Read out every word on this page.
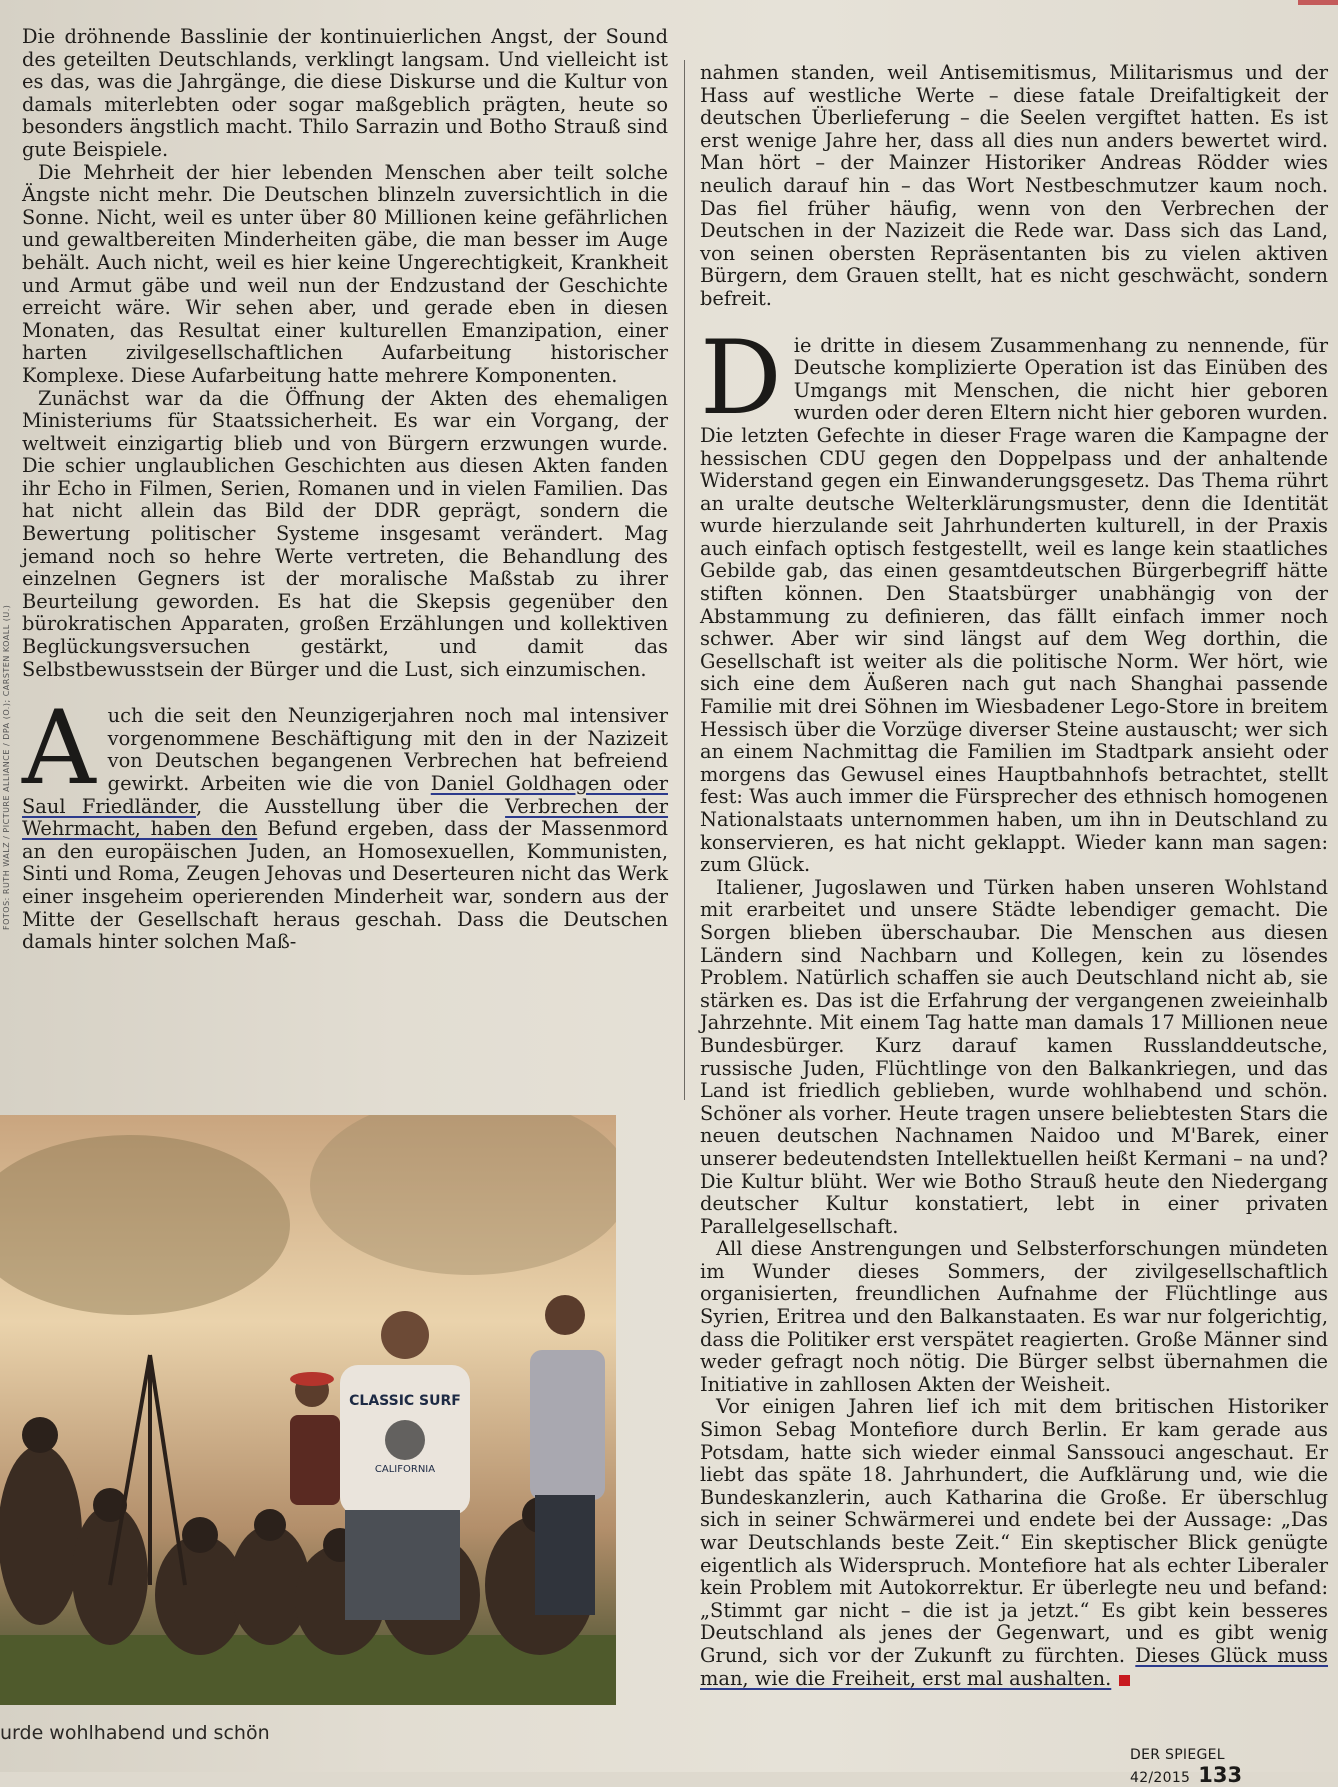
Die dröhnende Basslinie der kontinuierlichen Angst, der Sound des geteilten Deutschlands, verklingt langsam. Und vielleicht ist es das, was die Jahrgänge, die diese Diskurse und die Kultur von damals miterlebten oder sogar maßgeblich prägten, heute so besonders ängstlich macht. Thilo Sarrazin und Botho Strauß sind gute Beispiele.

Die Mehrheit der hier lebenden Menschen aber teilt solche Ängste nicht mehr. Die Deutschen blinzeln zuversichtlich in die Sonne. Nicht, weil es unter über 80 Millionen keine gefährlichen und gewaltbereiten Minderheiten gäbe, die man besser im Auge behält. Auch nicht, weil es hier keine Ungerechtigkeit, Krankheit und Armut gäbe und weil nun der Endzustand der Geschichte erreicht wäre. Wir sehen aber, und gerade eben in diesen Monaten, das Resultat einer kulturellen Emanzipation, einer harten zivilgesellschaftlichen Aufarbeitung historischer Komplexe. Diese Aufarbeitung hatte mehrere Komponenten.

Zunächst war da die Öffnung der Akten des ehemaligen Ministeriums für Staatssicherheit. Es war ein Vorgang, der weltweit einzigartig blieb und von Bürgern erzwungen wurde. Die schier unglaublichen Geschichten aus diesen Akten fanden ihr Echo in Filmen, Serien, Romanen und in vielen Familien. Das hat nicht allein das Bild der DDR geprägt, sondern die Bewertung politischer Systeme insgesamt verändert. Mag jemand noch so hehre Werte vertreten, die Behandlung des einzelnen Gegners ist der moralische Maßstab zu ihrer Beurteilung geworden. Es hat die Skepsis gegenüber den bürokratischen Apparaten, großen Erzählungen und kollektiven Beglückungsversuchen gestärkt, und damit das Selbstbewusstsein der Bürger und die Lust, sich einzumischen.

Auch die seit den Neunzigerjahren noch mal intensiver vorgenommene Beschäftigung mit den in der Nazizeit von Deutschen begangenen Verbrechen hat befreiend gewirkt. Arbeiten wie die von Daniel Goldhagen oder Saul Friedländer, die Ausstellung über die Verbrechen der Wehrmacht, haben den Befund ergeben, dass der Massenmord an den europäischen Juden, an Homosexuellen, Kommunisten, Sinti und Roma, Zeugen Jehovas und Deserteuren nicht das Werk einer insgeheim operierenden Minderheit war, sondern aus der Mitte der Gesellschaft heraus geschah. Dass die Deutschen damals hinter solchen Maß-

FOTOS: RUTH WALZ / PICTURE ALLIANCE / DPA (O.); CARSTEN KOALL (U.)

nahmen standen, weil Antisemitismus, Militarismus und der Hass auf westliche Werte – diese fatale Dreifaltigkeit der deutschen Überlieferung – die Seelen vergiftet hatten. Es ist erst wenige Jahre her, dass all dies nun anders bewertet wird. Man hört – der Mainzer Historiker Andreas Rödder wies neulich darauf hin – das Wort Nestbeschmutzer kaum noch. Das fiel früher häufig, wenn von den Verbrechen der Deutschen in der Nazizeit die Rede war. Dass sich das Land, von seinen obersten Repräsentanten bis zu vielen aktiven Bürgern, dem Grauen stellt, hat es nicht geschwächt, sondern befreit.

Die dritte in diesem Zusammenhang zu nennende, für Deutsche komplizierte Operation ist das Einüben des Umgangs mit Menschen, die nicht hier geboren wurden oder deren Eltern nicht hier geboren wurden. Die letzten Gefechte in dieser Frage waren die Kampagne der hessischen CDU gegen den Doppelpass und der anhaltende Widerstand gegen ein Einwanderungsgesetz. Das Thema rührt an uralte deutsche Welterklärungsmuster, denn die Identität wurde hierzulande seit Jahrhunderten kulturell, in der Praxis auch einfach optisch festgestellt, weil es lange kein staatliches Gebilde gab, das einen gesamtdeutschen Bürgerbegriff hätte stiften können. Den Staatsbürger unabhängig von der Abstammung zu definieren, das fällt einfach immer noch schwer. Aber wir sind längst auf dem Weg dorthin, die Gesellschaft ist weiter als die politische Norm. Wer hört, wie sich eine dem Äußeren nach gut nach Shanghai passende Familie mit drei Söhnen im Wiesbadener Lego-Store in breitem Hessisch über die Vorzüge diverser Steine austauscht; wer sich an einem Nachmittag die Familien im Stadtpark ansieht oder morgens das Gewusel eines Hauptbahnhofs betrachtet, stellt fest: Was auch immer die Fürsprecher des ethnisch homogenen Nationalstaats unternommen haben, um ihn in Deutschland zu konservieren, es hat nicht geklappt. Wieder kann man sagen: zum Glück.

Italiener, Jugoslawen und Türken haben unseren Wohlstand mit erarbeitet und unsere Städte lebendiger gemacht. Die Sorgen blieben überschaubar. Die Menschen aus diesen Ländern sind Nachbarn und Kollegen, kein zu lösendes Problem. Natürlich schaffen sie auch Deutschland nicht ab, sie stärken es. Das ist die Erfahrung der vergangenen zweieinhalb Jahrzehnte. Mit einem Tag hatte man damals 17 Millionen neue Bundesbürger. Kurz darauf kamen Russlanddeutsche, russische Juden, Flüchtlinge von den Balkankriegen, und das Land ist friedlich geblieben, wurde wohlhabend und schön. Schöner als vorher. Heute tragen unsere beliebtesten Stars die neuen deutschen Nachnamen Naidoo und M'Barek, einer unserer bedeutendsten Intellektuellen heißt Kermani – na und? Die Kultur blüht. Wer wie Botho Strauß heute den Niedergang deutscher Kultur konstatiert, lebt in einer privaten Parallelgesellschaft.

All diese Anstrengungen und Selbsterforschungen mündeten im Wunder dieses Sommers, der zivilgesellschaftlich organisierten, freundlichen Aufnahme der Flüchtlinge aus Syrien, Eritrea und den Balkanstaaten. Es war nur folgerichtig, dass die Politiker erst verspätet reagierten. Große Männer sind weder gefragt noch nötig. Die Bürger selbst übernahmen die Initiative in zahllosen Akten der Weisheit.

Vor einigen Jahren lief ich mit dem britischen Historiker Simon Sebag Montefiore durch Berlin. Er kam gerade aus Potsdam, hatte sich wieder einmal Sanssouci angeschaut. Er liebt das späte 18. Jahrhundert, die Aufklärung und, wie die Bundeskanzlerin, auch Katharina die Große. Er überschlug sich in seiner Schwärmerei und endete bei der Aussage: „Das war Deutschlands beste Zeit.“ Ein skeptischer Blick genügte eigentlich als Widerspruch. Montefiore hat als echter Liberaler kein Problem mit Autokorrektur. Er überlegte neu und befand: „Stimmt gar nicht – die ist ja jetzt.“ Es gibt kein besseres Deutschland als jenes der Gegenwart, und es gibt wenig Grund, sich vor der Zukunft zu fürchten. Dieses Glück muss man, wie die Freiheit, erst mal aushalten.

CLASSIC SURF
CALIFORNIA
urde wohlhabend und schön
DER SPIEGEL 42/2015 133
